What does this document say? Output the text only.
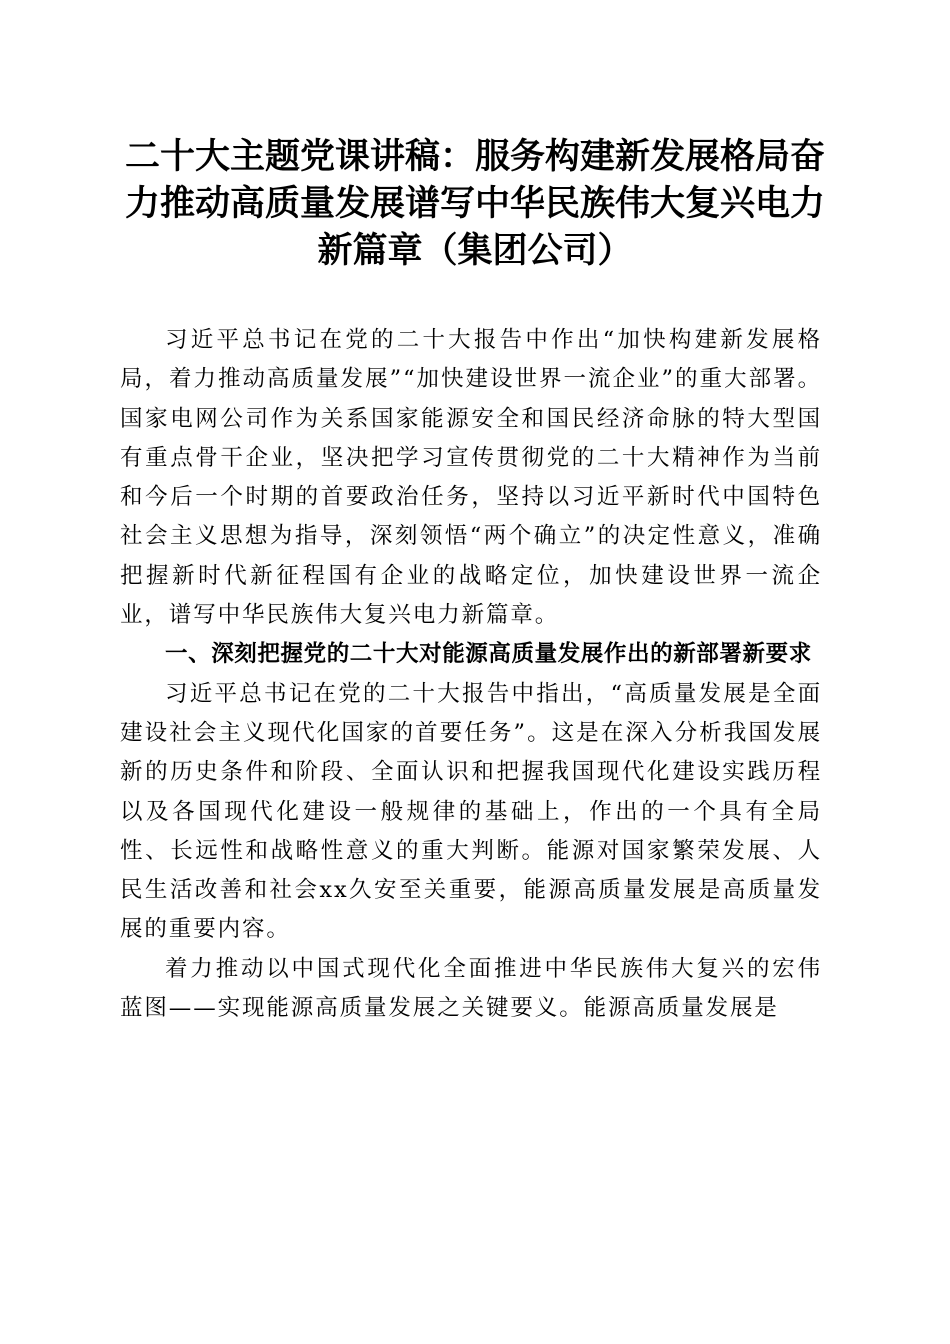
二十大主题党课讲稿：服务构建新发展格局奋力推动高质量发展谱写中华民族伟大复兴电力新篇章（集团公司）

习近平总书记在党的二十大报告中作出“加快构建新发展格局，着力推动高质量发展”“加快建设世界一流企业”的重大部署。国家电网公司作为关系国家能源安全和国民经济命脉的特大型国有重点骨干企业，坚决把学习宣传贯彻党的二十大精神作为当前和今后一个时期的首要政治任务，坚持以习近平新时代中国特色社会主义思想为指导，深刻领悟“两个确立”的决定性意义，准确把握新时代新征程国有企业的战略定位，加快建设世界一流企业，谱写中华民族伟大复兴电力新篇章。

一、深刻把握党的二十大对能源高质量发展作出的新部署新要求

习近平总书记在党的二十大报告中指出，“高质量发展是全面建设社会主义现代化国家的首要任务”。这是在深入分析我国发展新的历史条件和阶段、全面认识和把握我国现代化建设实践历程以及各国现代化建设一般规律的基础上，作出的一个具有全局性、长远性和战略性意义的重大判断。能源对国家繁荣发展、人民生活改善和社会xx久安至关重要，能源高质量发展是高质量发展的重要内容。

着力推动以中国式现代化全面推进中华民族伟大复兴的宏伟蓝图——实现能源高质量发展之关键要义。能源高质量发展是
